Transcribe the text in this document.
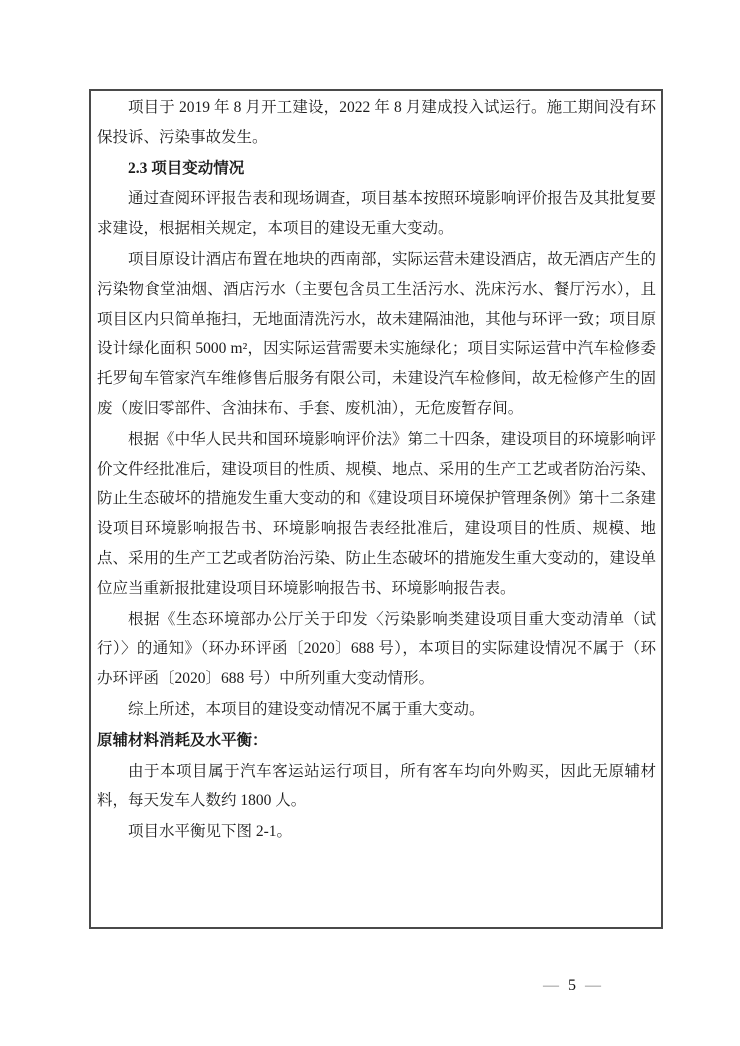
项目于 2019 年 8 月开工建设，2022 年 8 月建成投入试运行。施工期间没有环保投诉、污染事故发生。

2.3 项目变动情况

通过查阅环评报告表和现场调查，项目基本按照环境影响评价报告及其批复要求建设，根据相关规定，本项目的建设无重大变动。

项目原设计酒店布置在地块的西南部，实际运营未建设酒店，故无酒店产生的污染物食堂油烟、酒店污水（主要包含员工生活污水、洗床污水、餐厅污水），且项目区内只简单拖扫，无地面清洗污水，故未建隔油池，其他与环评一致；项目原设计绿化面积 5000 m²，因实际运营需要未实施绿化；项目实际运营中汽车检修委托罗甸车管家汽车维修售后服务有限公司，未建设汽车检修间，故无检修产生的固废（废旧零部件、含油抹布、手套、废机油），无危废暂存间。

根据《中华人民共和国环境影响评价法》第二十四条，建设项目的环境影响评价文件经批准后，建设项目的性质、规模、地点、采用的生产工艺或者防治污染、防止生态破坏的措施发生重大变动的和《建设项目环境保护管理条例》第十二条建设项目环境影响报告书、环境影响报告表经批准后，建设项目的性质、规模、地点、采用的生产工艺或者防治污染、防止生态破坏的措施发生重大变动的，建设单位应当重新报批建设项目环境影响报告书、环境影响报告表。

根据《生态环境部办公厅关于印发〈污染影响类建设项目重大变动清单（试行）〉的通知》（环办环评函〔2020〕688 号），本项目的实际建设情况不属于（环办环评函〔2020〕688 号）中所列重大变动情形。

综上所述，本项目的建设变动情况不属于重大变动。

原辅材料消耗及水平衡：

由于本项目属于汽车客运站运行项目，所有客车均向外购买，因此无原辅材料，每天发车人数约 1800 人。

项目水平衡见下图 2-1。

— 5 —
